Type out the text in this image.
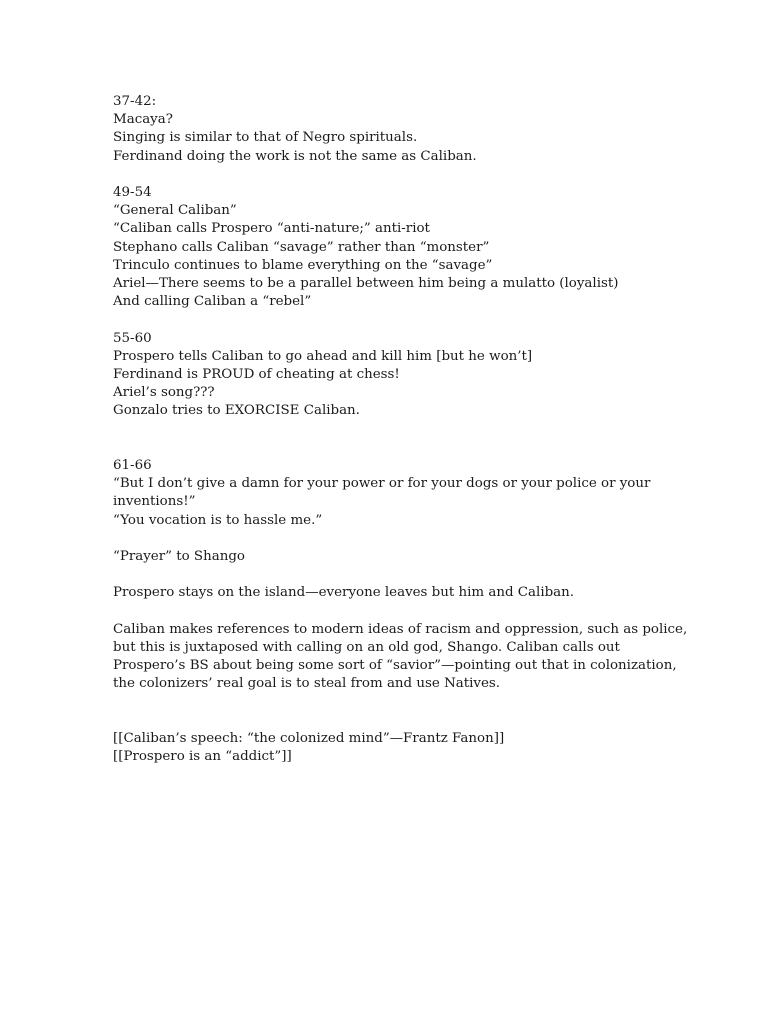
37-42:
Macaya?
Singing is similar to that of Negro spirituals.
Ferdinand doing the work is not the same as Caliban.
49-54
“General Caliban”
“Caliban calls Prospero “anti-nature;” anti-riot
Stephano calls Caliban “savage” rather than “monster”
Trinculo continues to blame everything on the “savage”
Ariel—There seems to be a parallel between him being a mulatto (loyalist)
And calling Caliban a “rebel”
55-60
Prospero tells Caliban to go ahead and kill him [but he won’t]
Ferdinand is PROUD of cheating at chess!
Ariel’s song???
Gonzalo tries to EXORCISE Caliban.
61-66
“But I don’t give a damn for your power or for your dogs or your police or your
inventions!”
“You vocation is to hassle me.”
“Prayer” to Shango
Prospero stays on the island—everyone leaves but him and Caliban.
Caliban makes references to modern ideas of racism and oppression, such as police,
but this is juxtaposed with calling on an old god, Shango. Caliban calls out
Prospero’s BS about being some sort of “savior”—pointing out that in colonization,
the colonizers’ real goal is to steal from and use Natives.
[[Caliban’s speech: “the colonized mind”—Frantz Fanon]]
[[Prospero is an “addict”]]
